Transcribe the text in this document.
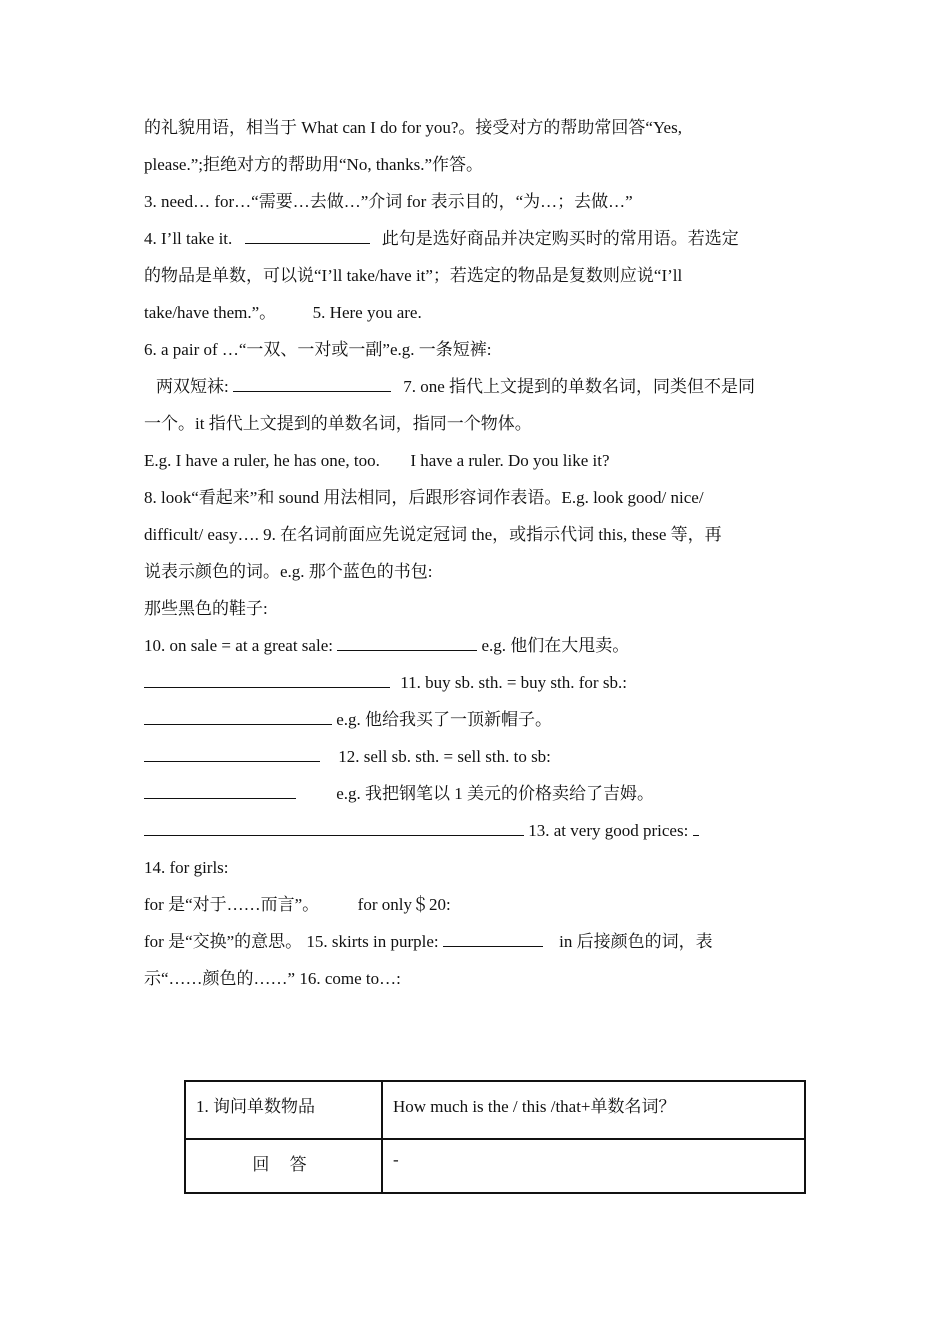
的礼貌用语，相当于 What can I do for you?。接受对方的帮助常回答“Yes,
please.”;拒绝对方的帮助用“No, thanks.”作答。
3. need… for…“需要…去做…”介词 for 表示目的，“为…；去做…”
4. I’ll take it.	此句是选好商品并决定购买时的常用语。若选定
的物品是单数，可以说“I’ll take/have it”；若选定的物品是复数则应说“I’ll
take/have them.”。 5. Here you are.
6. a pair of …“一双、一对或一副”e.g. 一条短裤:
两双短袜:	7. one 指代上文提到的单数名词，同类但不是同
一个。it 指代上文提到的单数名词，指同一个物体。
E.g. I have a ruler, he has one, too. I have a ruler. Do you like it?
8. look“看起来”和 sound 用法相同，后跟形容词作表语。E.g. look good/ nice/
difficult/ easy…. 9. 在名词前面应先说定冠词 the，或指示代词 this, these 等，再
说表示颜色的词。e.g. 那个蓝色的书包:
那些黑色的鞋子:
10. on sale = at a great sale:	e.g. 他们在大甩卖。
11. buy sb. sth. = buy sth. for sb.:
e.g. 他给我买了一顶新帽子。
12. sell sb. sth. = sell sth. to sb:
e.g. 我把钢笔以 1 美元的价格卖给了吉姆。
13. at very good prices:
14. for girls:
for 是“对于……而言”。 for only＄20:
for 是“交换”的意思。 15. skirts in purple:	in 后接颜色的词，表
示“……颜色的……” 16. come to…:
1. 询问单数物品	How much is the / this /that+单数名词？

回 答	-
